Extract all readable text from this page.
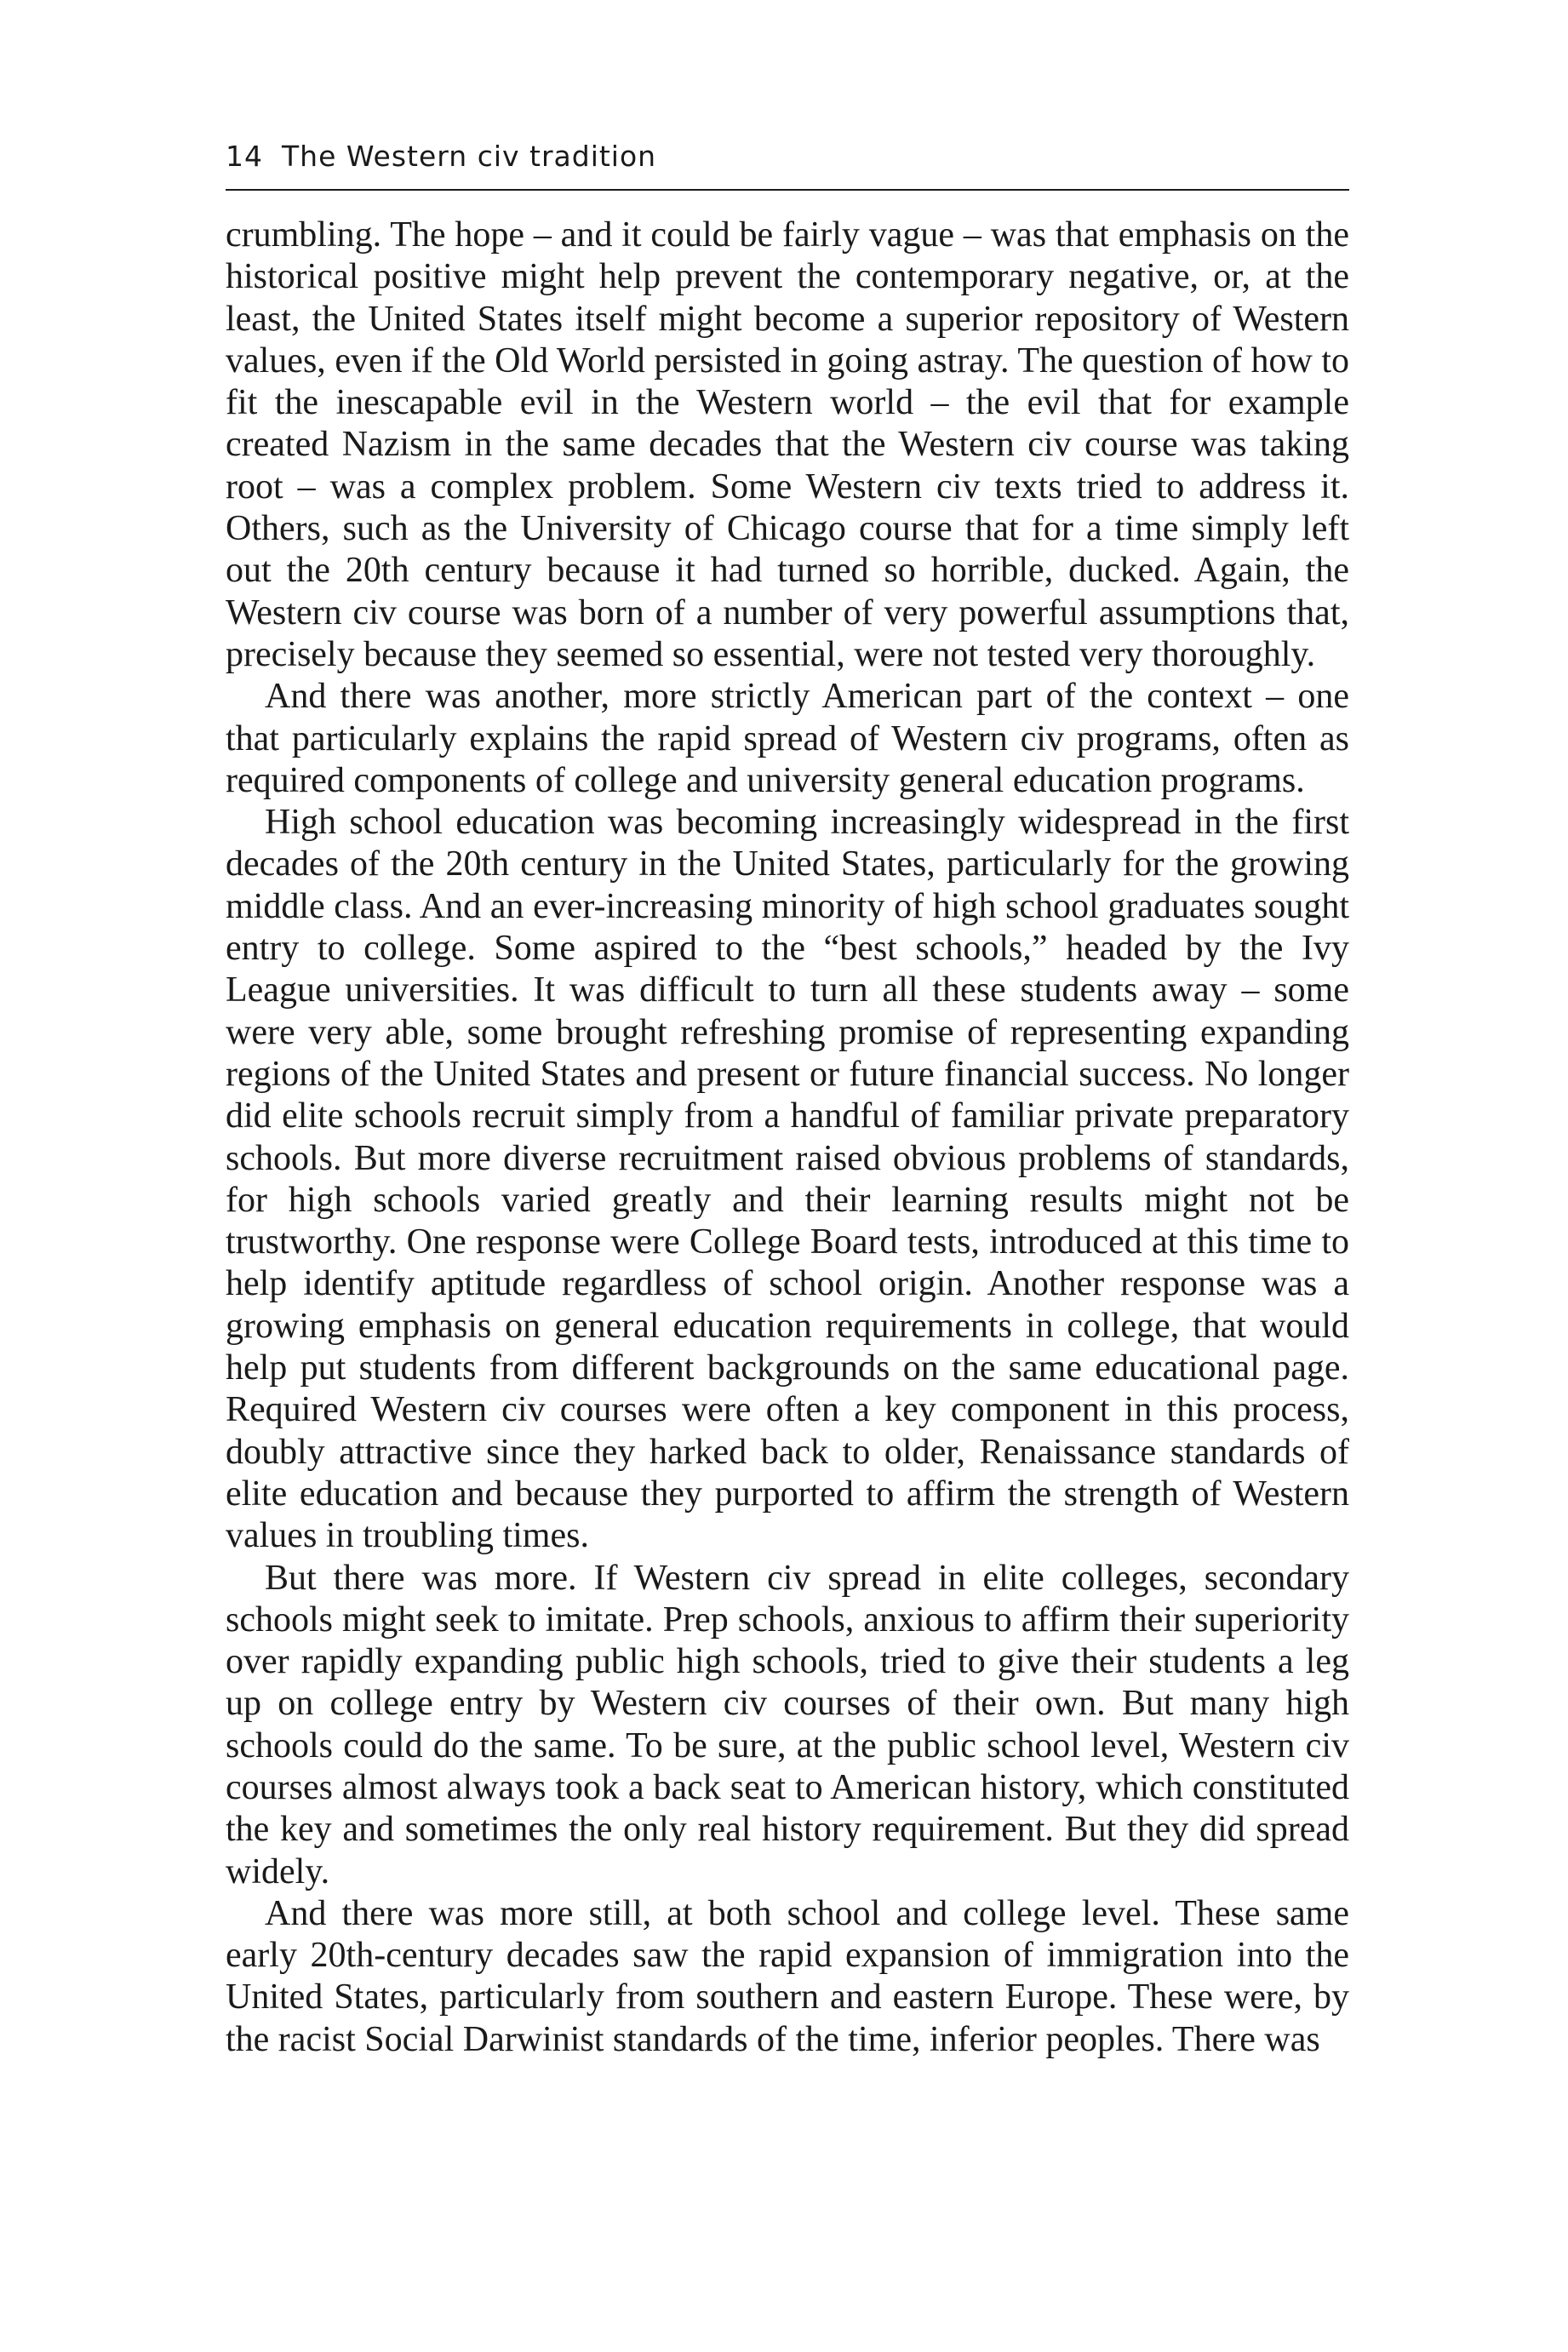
14 The Western civ tradition

crumbling. The hope – and it could be fairly vague – was that emphasis on the historical positive might help prevent the contemporary negative, or, at the least, the United States itself might become a superior repository of Western values, even if the Old World persisted in going astray. The question of how to fit the inescapable evil in the Western world – the evil that for example created Nazism in the same decades that the Western civ course was taking root – was a complex problem. Some Western civ texts tried to address it. Others, such as the University of Chicago course that for a time simply left out the 20th century because it had turned so horrible, ducked. Again, the Western civ course was born of a number of very powerful assumptions that, precisely because they seemed so essential, were not tested very thoroughly.

And there was another, more strictly American part of the context – one that particularly explains the rapid spread of Western civ programs, often as required components of college and university general education programs.

High school education was becoming increasingly widespread in the first decades of the 20th century in the United States, particularly for the growing middle class. And an ever-increasing minority of high school graduates sought entry to college. Some aspired to the “best schools,” headed by the Ivy League universities. It was difficult to turn all these students away – some were very able, some brought refreshing promise of representing expanding regions of the United States and present or future financial success. No longer did elite schools recruit simply from a handful of familiar private preparatory schools. But more diverse recruitment raised obvious problems of standards, for high schools varied greatly and their learning results might not be trustworthy. One response were College Board tests, introduced at this time to help identify aptitude regardless of school origin. Another response was a growing emphasis on general education requirements in college, that would help put students from different backgrounds on the same educational page. Required Western civ courses were often a key component in this process, doubly attractive since they harked back to older, Renaissance standards of elite education and because they purported to affirm the strength of Western values in troubling times.

But there was more. If Western civ spread in elite colleges, secondary schools might seek to imitate. Prep schools, anxious to affirm their superiority over rapidly expanding public high schools, tried to give their students a leg up on college entry by Western civ courses of their own. But many high schools could do the same. To be sure, at the public school level, Western civ courses almost always took a back seat to American history, which constituted the key and sometimes the only real history requirement. But they did spread widely.

And there was more still, at both school and college level. These same early 20th-century decades saw the rapid expansion of immigration into the United States, particularly from southern and eastern Europe. These were, by the racist Social Darwinist standards of the time, inferior peoples. There was
